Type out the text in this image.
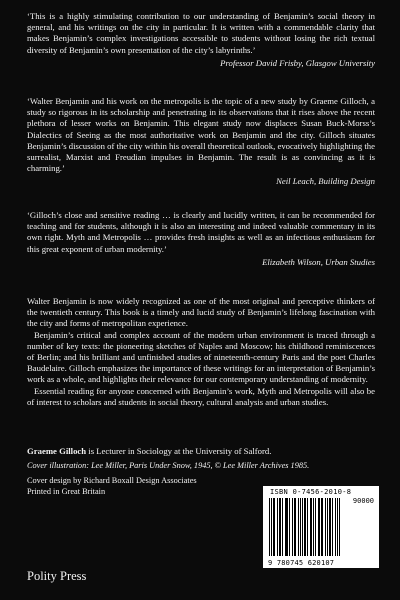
‘This is a highly stimulating contribution to our understanding of Benjamin’s social theory in general, and his writings on the city in particular. It is written with a commendable clarity that makes Benjamin’s complex investigations accessible to students without losing the rich textual diversity of Benjamin’s own presentation of the city’s labyrinths.’

Professor David Frisby, Glasgow University

‘Walter Benjamin and his work on the metropolis is the topic of a new study by Graeme Gilloch, a study so rigorous in its scholarship and penetrating in its observations that it rises above the recent plethora of lesser works on Benjamin. This elegant study now displaces Susan Buck-Morss’s Dialectics of Seeing as the most authoritative work on Benjamin and the city. Gilloch situates Benjamin’s discussion of the city within his overall theoretical outlook, evocatively highlighting the surrealist, Marxist and Freudian impulses in Benjamin. The result is as convincing as it is charming.’

Neil Leach, Building Design

‘Gilloch’s close and sensitive reading … is clearly and lucidly written, it can be recommended for teaching and for students, although it is also an interesting and indeed valuable commentary in its own right. Myth and Metropolis … provides fresh insights as well as an infectious enthusiasm for this great exponent of urban modernity.’

Elizabeth Wilson, Urban Studies

Walter Benjamin is now widely recognized as one of the most original and perceptive thinkers of the twentieth century. This book is a timely and lucid study of Benjamin’s lifelong fascination with the city and forms of metropolitan experience.

Benjamin’s critical and complex account of the modern urban environment is traced through a number of key texts: the pioneering sketches of Naples and Moscow; his childhood reminiscences of Berlin; and his brilliant and unfinished studies of nineteenth-century Paris and the poet Charles Baudelaire. Gilloch emphasizes the importance of these writings for an interpretation of Benjamin’s work as a whole, and highlights their relevance for our contemporary understanding of modernity.

Essential reading for anyone concerned with Benjamin’s work, Myth and Metropolis will also be of interest to scholars and students in social theory, cultural analysis and urban studies.

Graeme Gilloch is Lecturer in Sociology at the University of Salford.
Cover illustration: Lee Miller, Paris Under Snow, 1945, © Lee Miller Archives 1985.
Cover design by Richard Boxall Design Associates
Printed in Great Britain
Polity Press
ISBN 0-7456-2010-8
90000
9 780745 620107
